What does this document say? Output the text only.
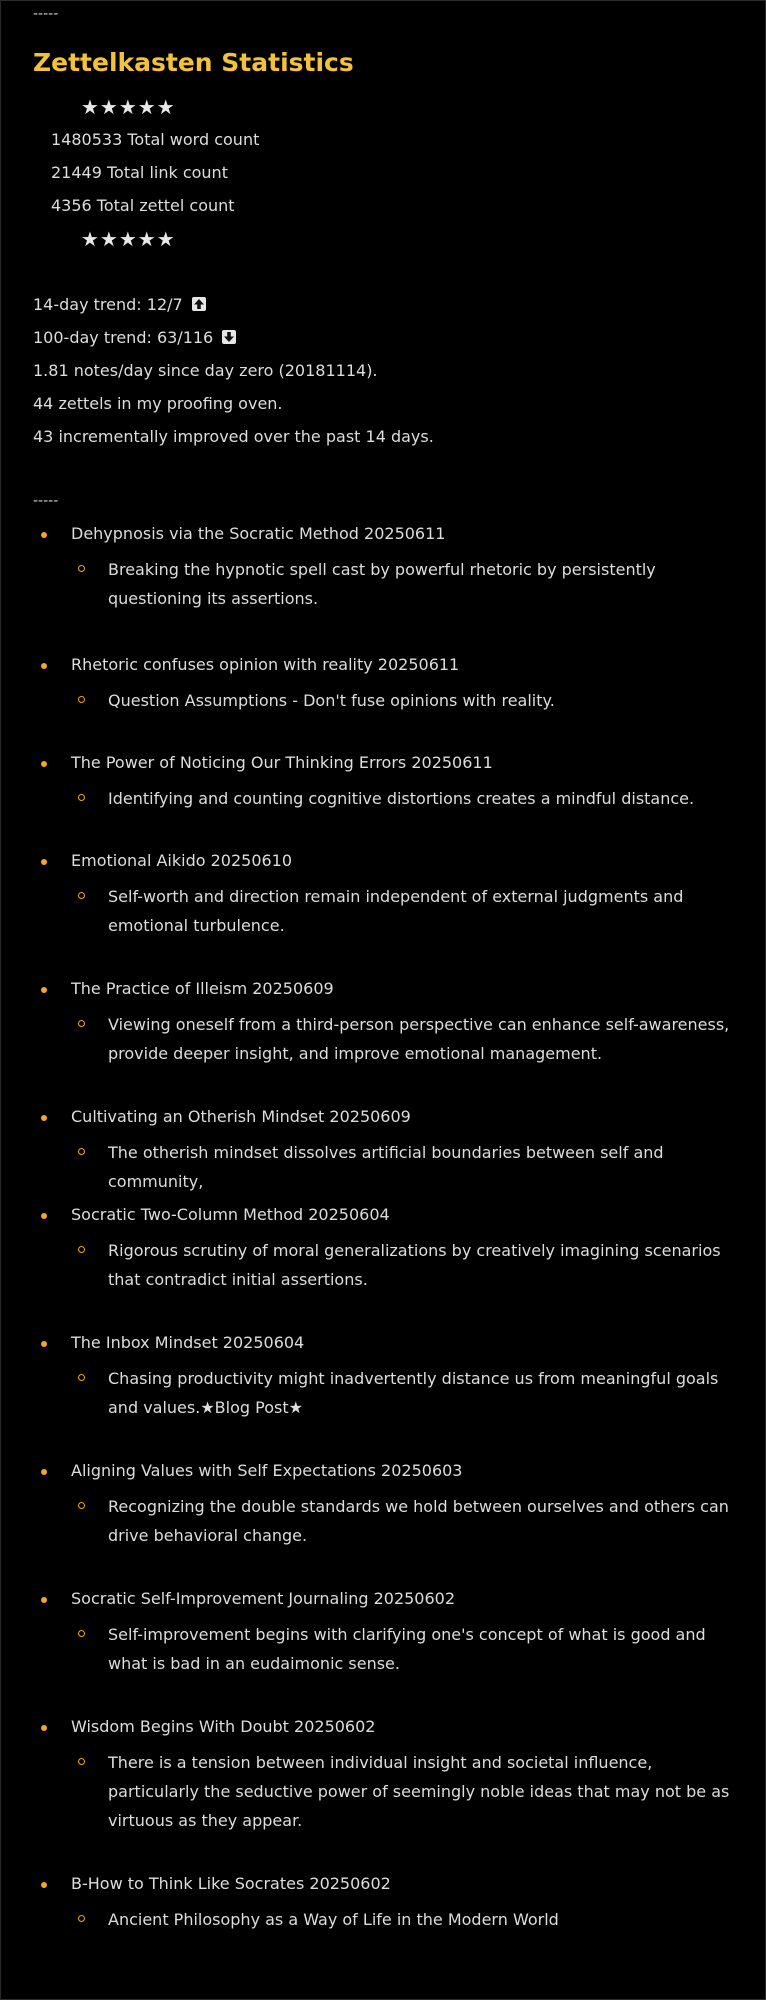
-----
Zettelkasten Statistics
★★★★★
1480533 Total word count
21449 Total link count
4356 Total zettel count
★★★★★
14-day trend: 12/7
100-day trend: 63/116
1.81 notes/day since day zero (20181114).
44 zettels in my proofing oven.
43 incrementally improved over the past 14 days.
-----
Dehypnosis via the Socratic Method 20250611
Breaking the hypnotic spell cast by powerful rhetoric by persistently questioning its assertions.
Rhetoric confuses opinion with reality 20250611
Question Assumptions - Don't fuse opinions with reality.
The Power of Noticing Our Thinking Errors 20250611
Identifying and counting cognitive distortions creates a mindful distance.
Emotional Aikido 20250610
Self-worth and direction remain independent of external judgments and emotional turbulence.
The Practice of Illeism 20250609
Viewing oneself from a third-person perspective can enhance self-awareness, provide deeper insight, and improve emotional management.
Cultivating an Otherish Mindset 20250609
The otherish mindset dissolves artificial boundaries between self and community,
Socratic Two-Column Method 20250604
Rigorous scrutiny of moral generalizations by creatively imagining scenarios that contradict initial assertions.
The Inbox Mindset 20250604
Chasing productivity might inadvertently distance us from meaningful goals and values.★Blog Post★
Aligning Values with Self Expectations 20250603
Recognizing the double standards we hold between ourselves and others can drive behavioral change.
Socratic Self-Improvement Journaling 20250602
Self-improvement begins with clarifying one's concept of what is good and what is bad in an eudaimonic sense.
Wisdom Begins With Doubt 20250602
There is a tension between individual insight and societal influence, particularly the seductive power of seemingly noble ideas that may not be as virtuous as they appear.
B-How to Think Like Socrates 20250602
Ancient Philosophy as a Way of Life in the Modern World
